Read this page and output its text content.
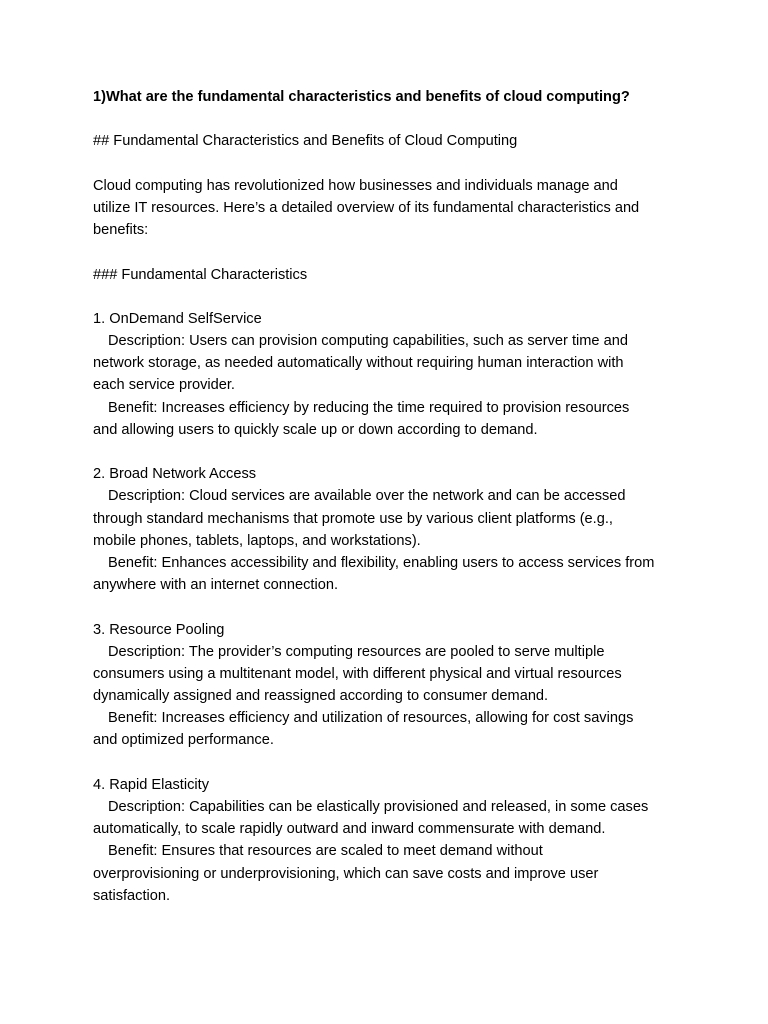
1)What are the fundamental characteristics and benefits of cloud computing?
## Fundamental Characteristics and Benefits of Cloud Computing
Cloud computing has revolutionized how businesses and individuals manage and
utilize IT resources. Here’s a detailed overview of its fundamental characteristics and
benefits:
### Fundamental Characteristics
1. OnDemand SelfService
Description: Users can provision computing capabilities, such as server time and
network storage, as needed automatically without requiring human interaction with
each service provider.
Benefit: Increases efficiency by reducing the time required to provision resources
and allowing users to quickly scale up or down according to demand.
2. Broad Network Access
Description: Cloud services are available over the network and can be accessed
through standard mechanisms that promote use by various client platforms (e.g.,
mobile phones, tablets, laptops, and workstations).
Benefit: Enhances accessibility and flexibility, enabling users to access services from
anywhere with an internet connection.
3. Resource Pooling
Description: The provider’s computing resources are pooled to serve multiple
consumers using a multitenant model, with different physical and virtual resources
dynamically assigned and reassigned according to consumer demand.
Benefit: Increases efficiency and utilization of resources, allowing for cost savings
and optimized performance.
4. Rapid Elasticity
Description: Capabilities can be elastically provisioned and released, in some cases
automatically, to scale rapidly outward and inward commensurate with demand.
Benefit: Ensures that resources are scaled to meet demand without
overprovisioning or underprovisioning, which can save costs and improve user
satisfaction.
